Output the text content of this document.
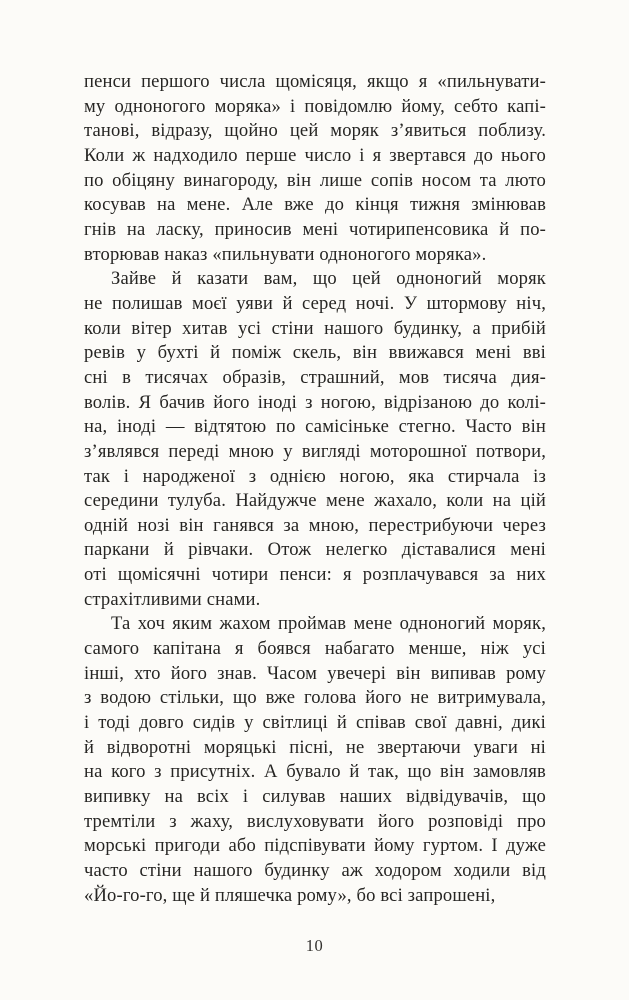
пенси першого числа щомісяця, якщо я «пильнувати-
му одноногого моряка» і повідомлю йому, себто капі-
танові, відразу, щойно цей моряк з’явиться поблизу.
Коли ж надходило перше число і я звертався до нього
по обіцяну винагороду, він лише сопів носом та люто
косував на мене. Але вже до кінця тижня змінював
гнів на ласку, приносив мені чотирипенсовика й по-
вторював наказ «пильнувати одноногого моряка».
Зайве й казати вам, що цей одноногий моряк
не полишав моєї уяви й серед ночі. У штормову ніч,
коли вітер хитав усі стіни нашого будинку, а прибій
ревів у бухті й поміж скель, він ввижався мені вві
сні в тисячах образів, страшний, мов тисяча дия-
волів. Я бачив його іноді з ногою, відрізаною до колі-
на, іноді — відтятою по самісіньке стегно. Часто він
з’являвся переді мною у вигляді моторошної потвори,
так і народженої з однією ногою, яка стирчала із
середини тулуба. Найдужче мене жахало, коли на цій
одній нозі він ганявся за мною, перестрибуючи через
паркани й рівчаки. Отож нелегко діставалися мені
оті щомісячні чотири пенси: я розплачувався за них
страхітливими снами.
Та хоч яким жахом проймав мене одноногий моряк,
самого капітана я боявся набагато менше, ніж усі
інші, хто його знав. Часом увечері він випивав рому
з водою стільки, що вже голова його не витримувала,
і тоді довго сидів у світлиці й співав свої давні, дикі
й відворотні моряцькі пісні, не звертаючи уваги ні
на кого з присутніх. А бувало й так, що він замовляв
випивку на всіх і силував наших відвідувачів, що
тремтіли з жаху, вислуховувати його розповіді про
морські пригоди або підспівувати йому гуртом. І дуже
часто стіни нашого будинку аж ходором ходили від
«Йо-го-го, ще й пляшечка рому», бо всі запрошені,
10
